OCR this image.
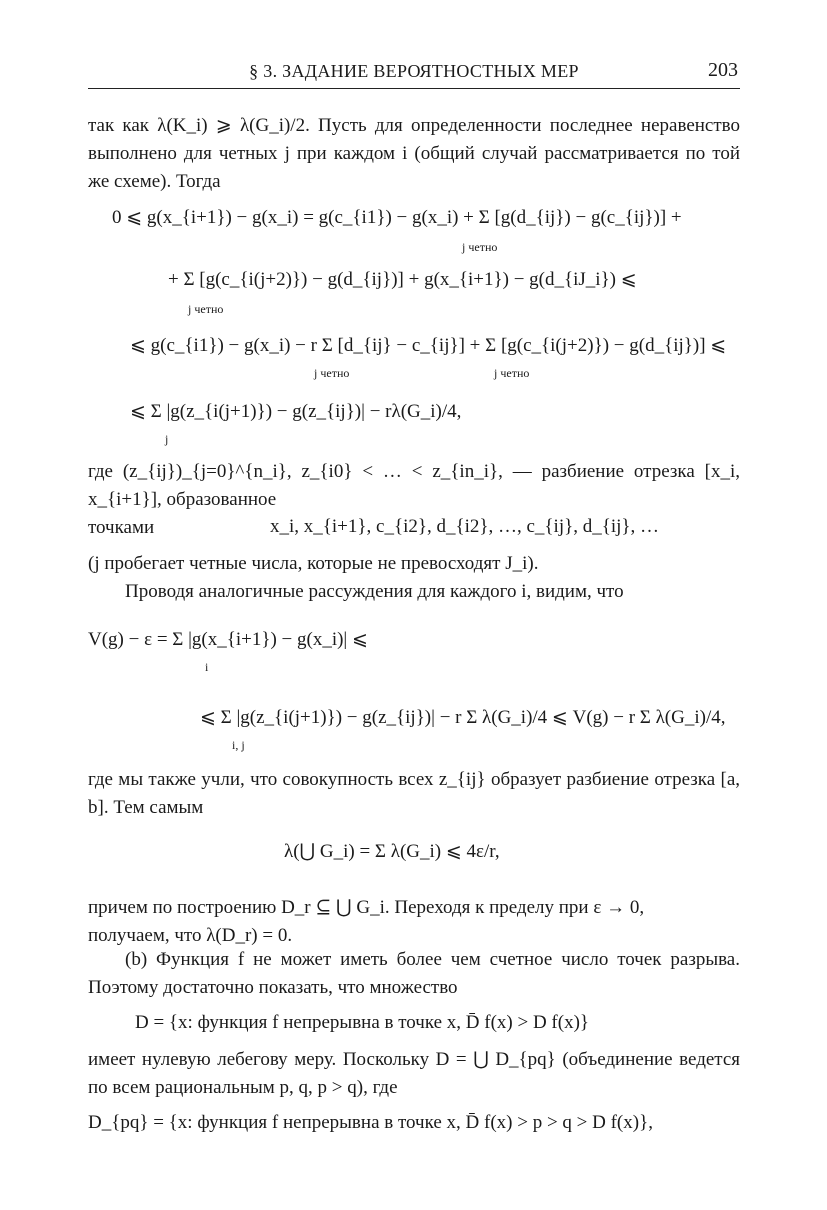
§ 3. ЗАДАНИЕ ВЕРОЯТНОСТНЫХ МЕР	203
так как λ(K_i) ⩾ λ(G_i)/2. Пусть для определенности последнее неравенство выполнено для четных j при каждом i (общий случай рассматривается по той же схеме). Тогда
0 ⩽ g(x_{i+1}) − g(x_i) = g(c_{i1}) − g(x_i) + Σ [g(d_{ij}) − g(c_{ij})] +
j четно
+ Σ [g(c_{i(j+2)}) − g(d_{ij})] + g(x_{i+1}) − g(d_{iJ_i}) ⩽
j четно
⩽ g(c_{i1}) − g(x_i) − r Σ [d_{ij} − c_{ij}] + Σ [g(c_{i(j+2)}) − g(d_{ij})] ⩽
j четно	j четно
⩽ Σ |g(z_{i(j+1)}) − g(z_{ij})| − rλ(G_i)/4,
j
где (z_{ij})_{j=0}^{n_i}, z_{i0} < … < z_{in_i}, — разбиение отрезка [x_i, x_{i+1}], образованное
точками	x_i, x_{i+1}, c_{i2}, d_{i2}, …, c_{ij}, d_{ij}, …
(j пробегает четные числа, которые не превосходят J_i).
Проводя аналогичные рассуждения для каждого i, видим, что
V(g) − ε = Σ |g(x_{i+1}) − g(x_i)| ⩽
i
⩽ Σ |g(z_{i(j+1)}) − g(z_{ij})| − r Σ λ(G_i)/4 ⩽ V(g) − r Σ λ(G_i)/4,
i, j
где мы также учли, что совокупность всех z_{ij} образует разбиение отрезка [a, b]. Тем самым
λ(⋃ G_i) = Σ λ(G_i) ⩽ 4ε/r,
причем по построению D_r ⊆ ⋃ G_i. Переходя к пределу при ε → 0,
получаем, что λ(D_r) = 0.
(b) Функция f не может иметь более чем счетное число точек разрыва. Поэтому достаточно показать, что множество
D = {x: функция f непрерывна в точке x, D̄ f(x) > D f(x)}
имеет нулевую лебегову меру. Поскольку D = ⋃ D_{pq} (объединение ведется по всем рациональным p, q, p > q), где
D_{pq} = {x: функция f непрерывна в точке x, D̄ f(x) > p > q > D f(x)},
